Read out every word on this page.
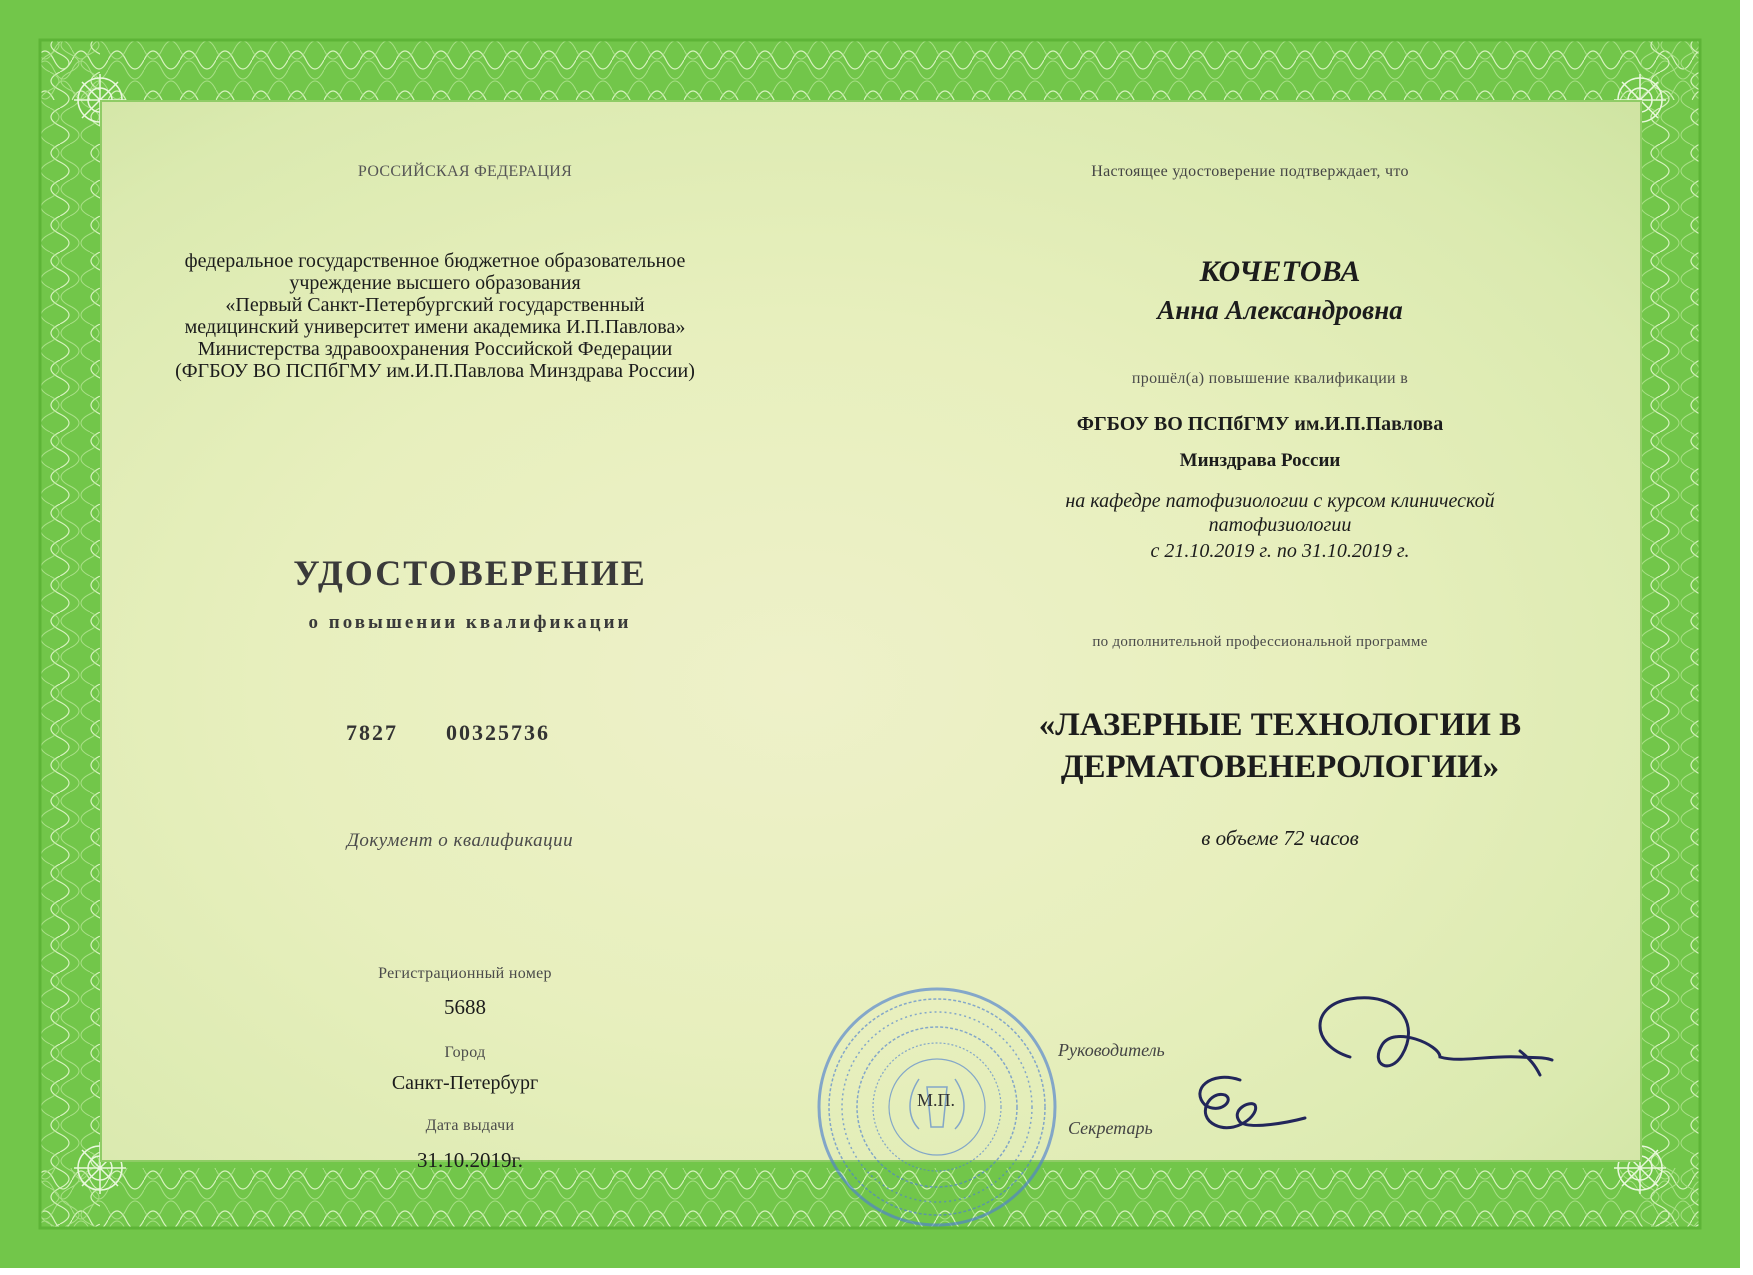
РОССИЙСКАЯ ФЕДЕРАЦИЯ
федеральное государственное бюджетное образовательное
учреждение высшего образования
«Первый Санкт-Петербургский государственный
медицинский университет имени академика И.П.Павлова»
Министерства здравоохранения Российской Федерации
(ФГБОУ ВО ПСПбГМУ им.И.П.Павлова Минздрава России)
УДОСТОВЕРЕНИЕ
о повышении квалификации
7827 00325736
Документ о квалификации
Регистрационный номер
5688
Город
Санкт-Петербург
Дата выдачи
31.10.2019г.
Настоящее удостоверение подтверждает, что
КОЧЕТОВА
Анна Александровна
прошёл(а) повышение квалификации в
ФГБОУ ВО ПСПбГМУ им.И.П.Павлова
Минздрава России
на кафедре патофизиологии с курсом клинической
патофизиологии
с 21.10.2019 г. по 31.10.2019 г.
по дополнительной профессиональной программе
«ЛАЗЕРНЫЕ ТЕХНОЛОГИИ В
ДЕРМАТОВЕНЕРОЛОГИИ»
в объеме 72 часов
М.П.
Руководитель
Секретарь
